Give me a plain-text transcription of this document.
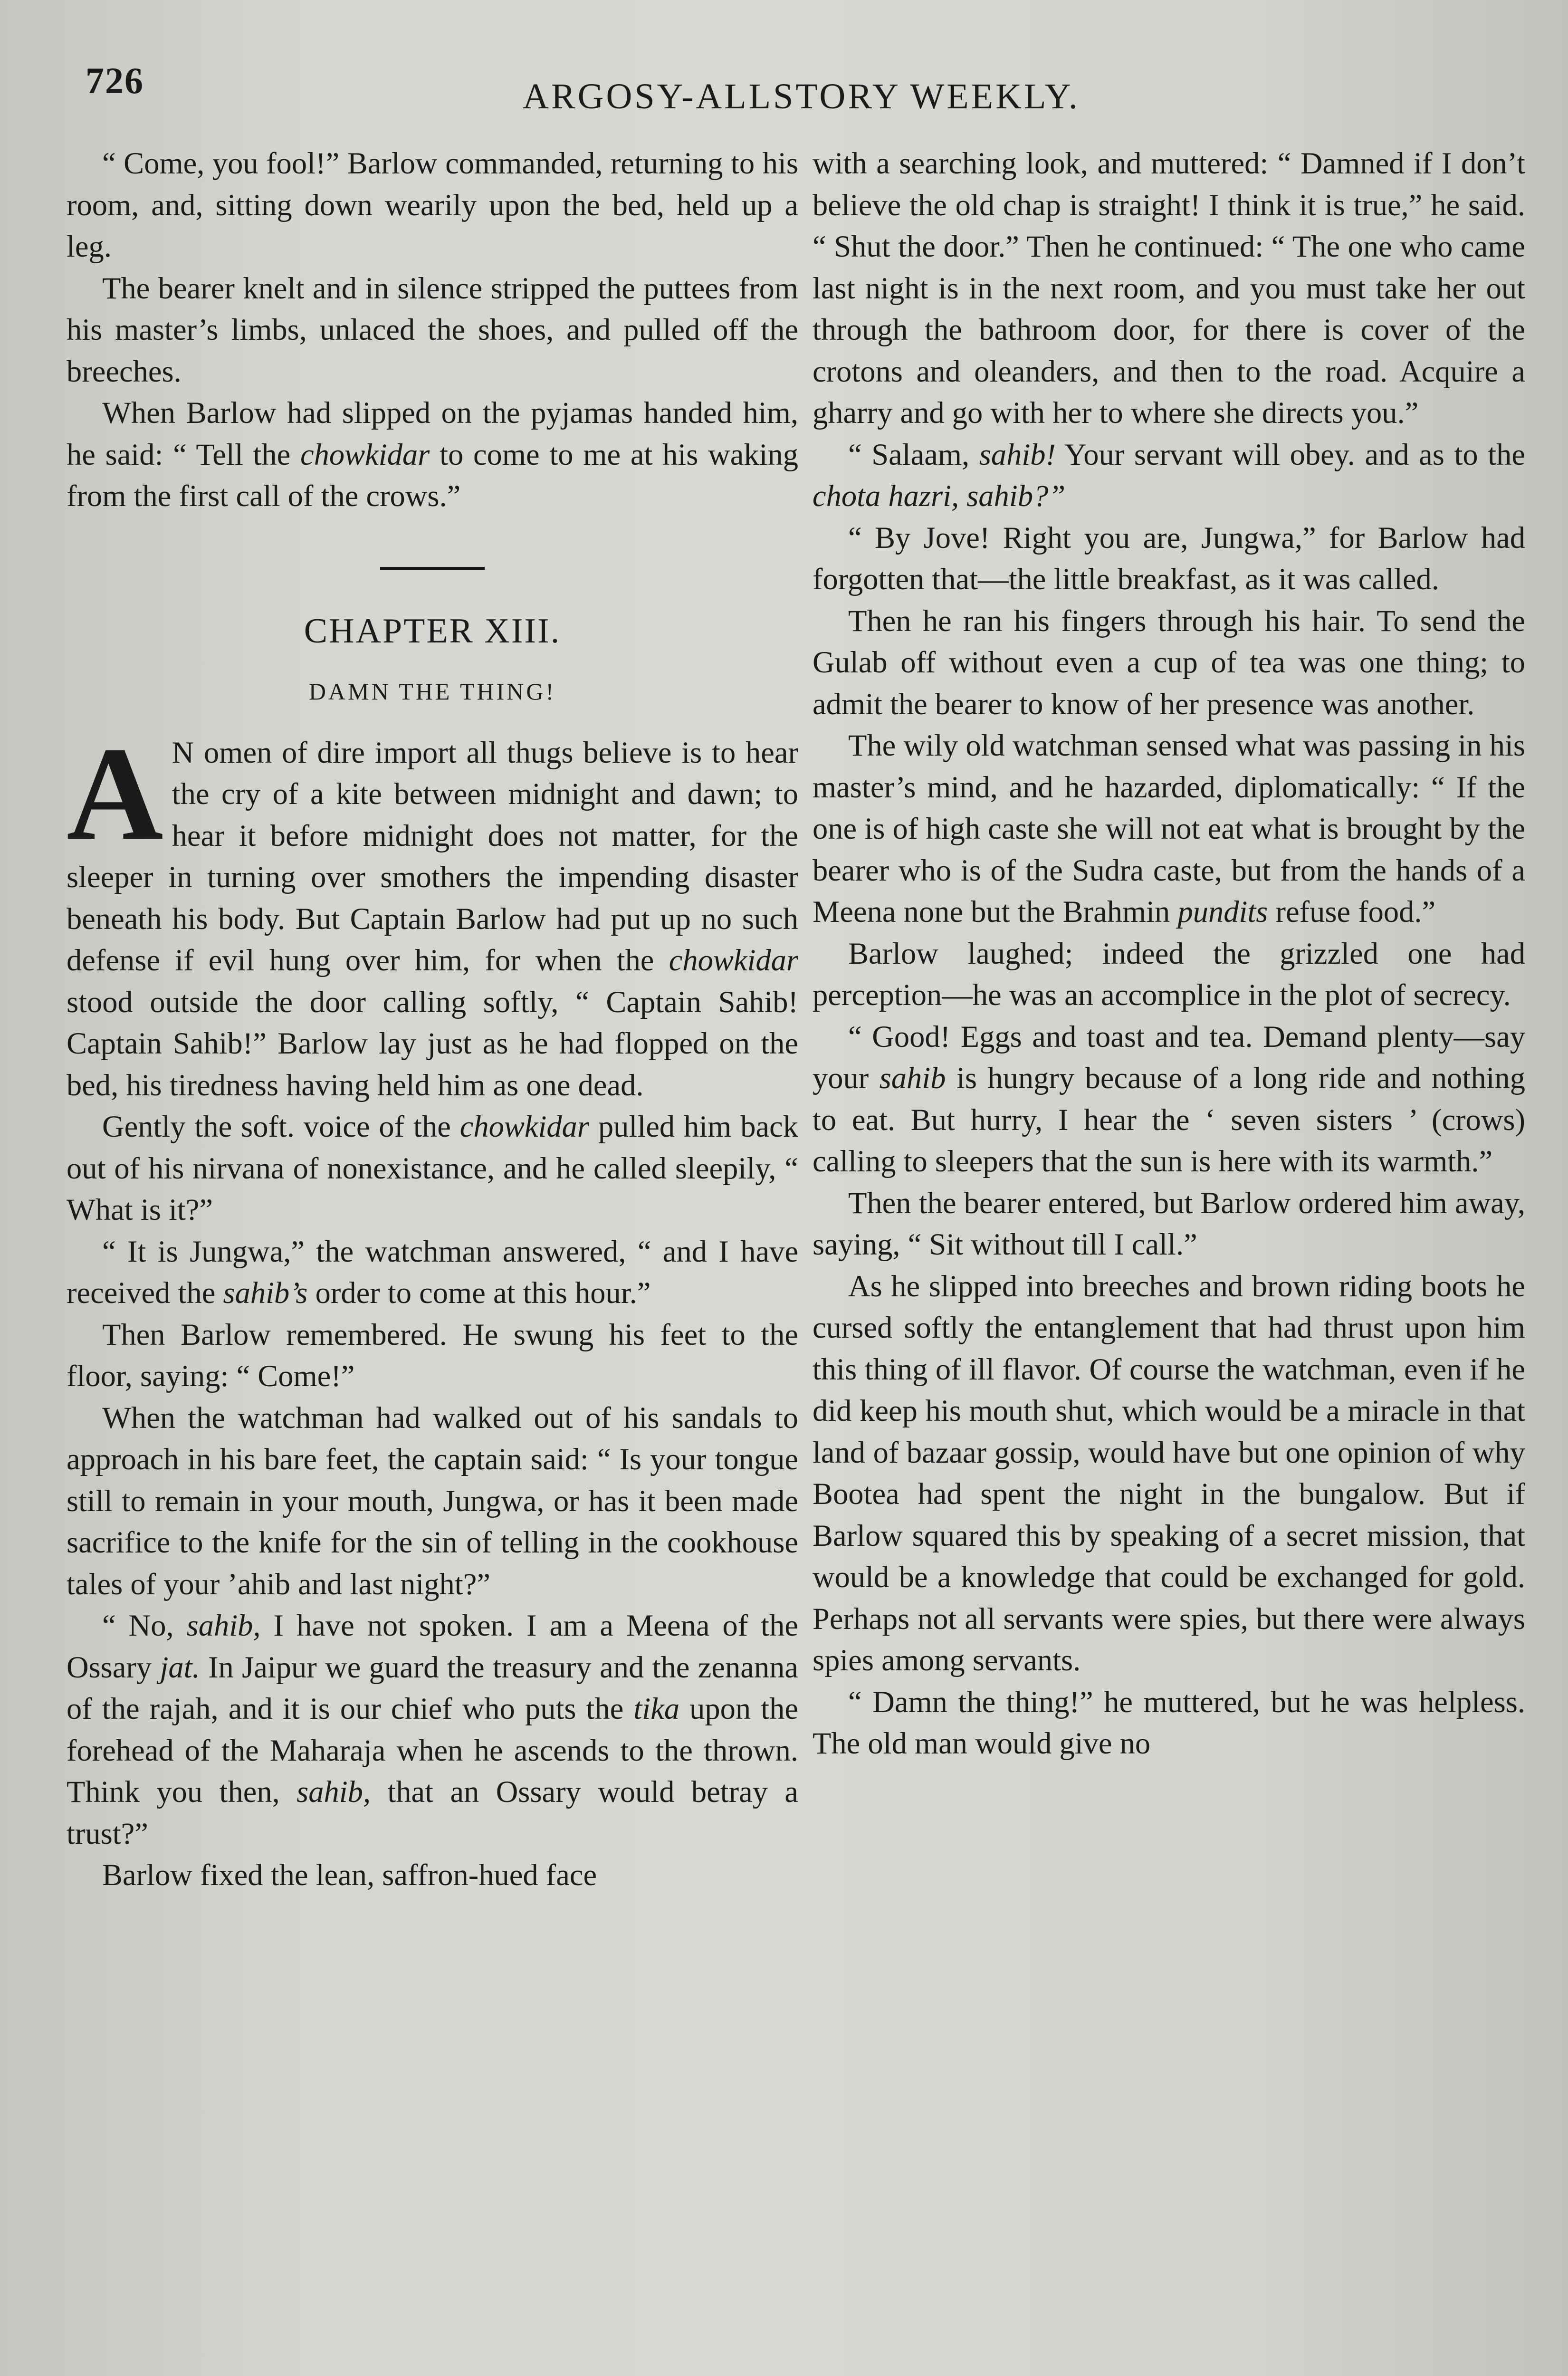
726	ARGOSY-ALLSTORY WEEKLY.

“ Come, you fool!” Barlow commanded, returning to his room, and, sitting down wearily upon the bed, held up a leg.

The bearer knelt and in silence stripped the puttees from his master’s limbs, unlaced the shoes, and pulled off the breeches.

When Barlow had slipped on the pyjamas handed him, he said: “ Tell the chowkidar to come to me at his waking from the first call of the crows.”

CHAPTER XIII.
DAMN THE THING!

A N omen of dire import all thugs believe is to hear the cry of a kite between midnight and dawn; to hear it before midnight does not matter, for the sleeper in turning over smothers the impending disaster beneath his body. But Captain Barlow had put up no such defense if evil hung over him, for when the chowkidar stood outside the door calling softly, “ Captain Sahib! Captain Sahib!” Barlow lay just as he had flopped on the bed, his tiredness having held him as one dead.

Gently the soft. voice of the chowkidar pulled him back out of his nirvana of nonexistance, and he called sleepily, “ What is it?”

“ It is Jungwa,” the watchman answered, “ and I have received the sahib’s order to come at this hour.”

Then Barlow remembered. He swung his feet to the floor, saying: “ Come!”

When the watchman had walked out of his sandals to approach in his bare feet, the captain said: “ Is your tongue still to remain in your mouth, Jungwa, or has it been made sacrifice to the knife for the sin of telling in the cookhouse tales of your ’ahib and last night?”

“ No, sahib, I have not spoken. I am a Meena of the Ossary jat. In Jaipur we guard the treasury and the zenanna of the rajah, and it is our chief who puts the tika upon the forehead of the Maharaja when he ascends to the thrown. Think you then, sahib, that an Ossary would betray a trust?”

Barlow fixed the lean, saffron-hued face

with a searching look, and muttered: “ Damned if I don’t believe the old chap is straight! I think it is true,” he said. “ Shut the door.” Then he continued: “ The one who came last night is in the next room, and you must take her out through the bathroom door, for there is cover of the crotons and oleanders, and then to the road. Acquire a gharry and go with her to where she directs you.”

“ Salaam, sahib! Your servant will obey. and as to the chota hazri, sahib?”

“ By Jove! Right you are, Jungwa,” for Barlow had forgotten that—the little breakfast, as it was called.

Then he ran his fingers through his hair. To send the Gulab off without even a cup of tea was one thing; to admit the bearer to know of her presence was another.

The wily old watchman sensed what was passing in his master’s mind, and he hazarded, diplomatically: “ If the one is of high caste she will not eat what is brought by the bearer who is of the Sudra caste, but from the hands of a Meena none but the Brahmin pundits refuse food.”

Barlow laughed; indeed the grizzled one had perception—he was an accomplice in the plot of secrecy.

“ Good! Eggs and toast and tea. Demand plenty—say your sahib is hungry because of a long ride and nothing to eat. But hurry, I hear the ‘ seven sisters ’ (crows) calling to sleepers that the sun is here with its warmth.”

Then the bearer entered, but Barlow ordered him away, saying, “ Sit without till I call.”

As he slipped into breeches and brown riding boots he cursed softly the entanglement that had thrust upon him this thing of ill flavor. Of course the watchman, even if he did keep his mouth shut, which would be a miracle in that land of bazaar gossip, would have but one opinion of why Bootea had spent the night in the bungalow. But if Barlow squared this by speaking of a secret mission, that would be a knowledge that could be exchanged for gold. Perhaps not all servants were spies, but there were always spies among servants.

“ Damn the thing!” he muttered, but he was helpless. The old man would give no
